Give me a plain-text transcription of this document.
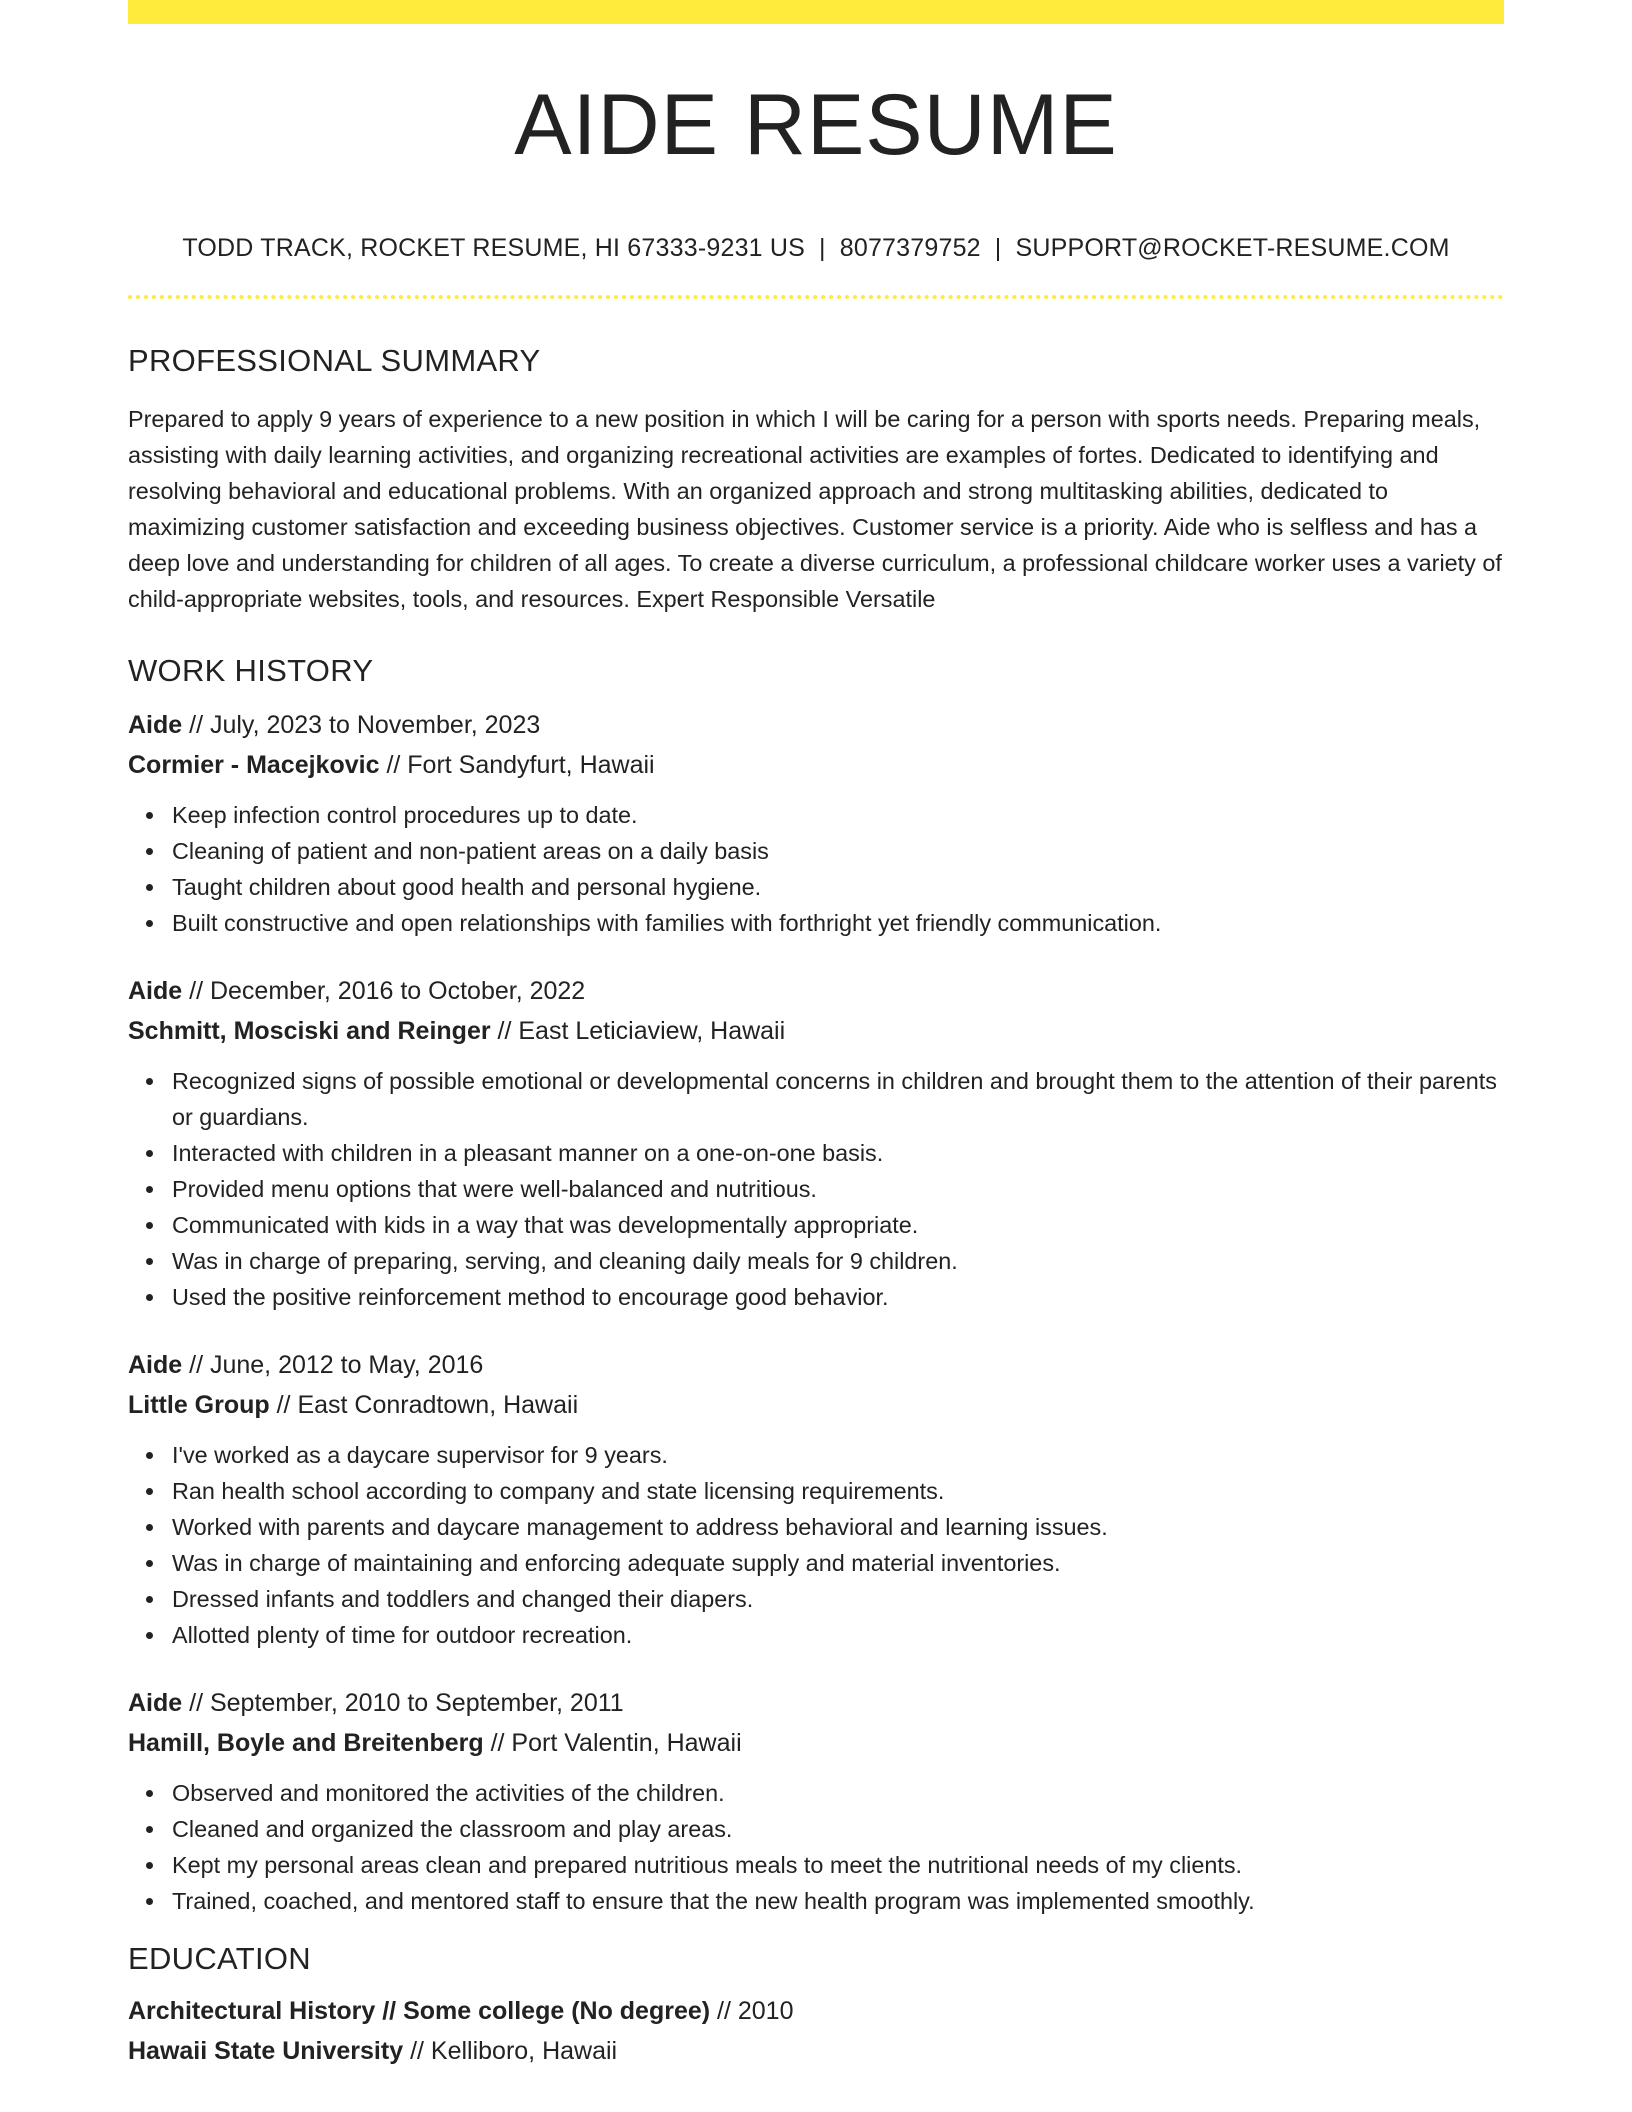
AIDE RESUME
TODD TRACK, ROCKET RESUME, HI 67333-9231 US | 8077379752 | SUPPORT@ROCKET-RESUME.COM
PROFESSIONAL SUMMARY
Prepared to apply 9 years of experience to a new position in which I will be caring for a person with sports needs. Preparing meals, assisting with daily learning activities, and organizing recreational activities are examples of fortes. Dedicated to identifying and resolving behavioral and educational problems. With an organized approach and strong multitasking abilities, dedicated to maximizing customer satisfaction and exceeding business objectives. Customer service is a priority. Aide who is selfless and has a deep love and understanding for children of all ages. To create a diverse curriculum, a professional childcare worker uses a variety of child-appropriate websites, tools, and resources. Expert Responsible Versatile
WORK HISTORY
Aide // July, 2023 to November, 2023
Cormier - Macejkovic // Fort Sandyfurt, Hawaii
Keep infection control procedures up to date.
Cleaning of patient and non-patient areas on a daily basis
Taught children about good health and personal hygiene.
Built constructive and open relationships with families with forthright yet friendly communication.
Aide // December, 2016 to October, 2022
Schmitt, Mosciski and Reinger // East Leticiaview, Hawaii
Recognized signs of possible emotional or developmental concerns in children and brought them to the attention of their parents or guardians.
Interacted with children in a pleasant manner on a one-on-one basis.
Provided menu options that were well-balanced and nutritious.
Communicated with kids in a way that was developmentally appropriate.
Was in charge of preparing, serving, and cleaning daily meals for 9 children.
Used the positive reinforcement method to encourage good behavior.
Aide // June, 2012 to May, 2016
Little Group // East Conradtown, Hawaii
I've worked as a daycare supervisor for 9 years.
Ran health school according to company and state licensing requirements.
Worked with parents and daycare management to address behavioral and learning issues.
Was in charge of maintaining and enforcing adequate supply and material inventories.
Dressed infants and toddlers and changed their diapers.
Allotted plenty of time for outdoor recreation.
Aide // September, 2010 to September, 2011
Hamill, Boyle and Breitenberg // Port Valentin, Hawaii
Observed and monitored the activities of the children.
Cleaned and organized the classroom and play areas.
Kept my personal areas clean and prepared nutritious meals to meet the nutritional needs of my clients.
Trained, coached, and mentored staff to ensure that the new health program was implemented smoothly.
EDUCATION
Architectural History // Some college (No degree) // 2010
Hawaii State University // Kelliboro, Hawaii
